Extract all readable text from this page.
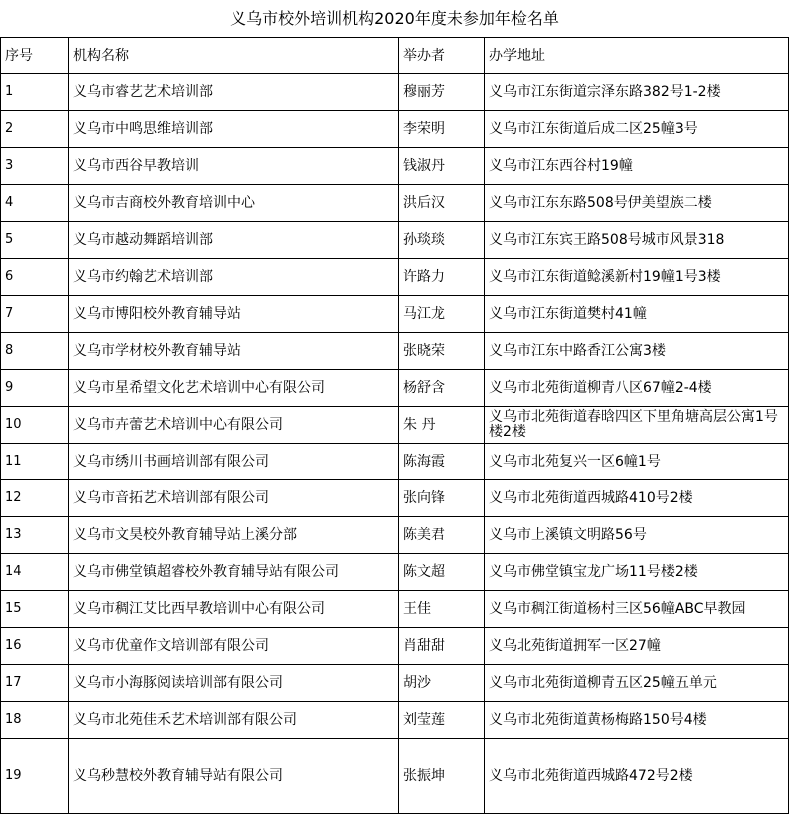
义乌市校外培训机构2020年度未参加年检名单
序号	机构名称	举办者	办学地址
1	义乌市睿艺艺术培训部	穆丽芳	义乌市江东街道宗泽东路382号1-2楼
2	义乌市中鸣思维培训部	李荣明	义乌市江东街道后成二区25幢3号
3	义乌市西谷早教培训	钱淑丹	义乌市江东西谷村19幢
4	义乌市吉商校外教育培训中心	洪后汉	义乌市江东东路508号伊美望族二楼
5	义乌市越动舞蹈培训部	孙琰琰	义乌市江东宾王路508号城市风景318
6	义乌市约翰艺术培训部	许路力	义乌市江东街道鲶溪新村19幢1号3楼
7	义乌市博阳校外教育辅导站	马江龙	义乌市江东街道樊村41幢
8	义乌市学材校外教育辅导站	张晓荣	义乌市江东中路香江公寓3楼
9	义乌市星希望文化艺术培训中心有限公司	杨舒含	义乌市北苑街道柳青八区67幢2-4楼
10	义乌市卉蕾艺术培训中心有限公司	朱 丹	义乌市北苑街道春晗四区下里角塘高层公寓1号楼2楼
11	义乌市绣川书画培训部有限公司	陈海霞	义乌市北苑复兴一区6幢1号
12	义乌市音拓艺术培训部有限公司	张向锋	义乌市北苑街道西城路410号2楼
13	义乌市文昊校外教育辅导站上溪分部	陈美君	义乌市上溪镇文明路56号
14	义乌市佛堂镇超睿校外教育辅导站有限公司	陈文超	义乌市佛堂镇宝龙广场11号楼2楼
15	义乌市稠江艾比西早教培训中心有限公司	王佳	义乌市稠江街道杨村三区56幢ABC早教园
16	义乌市优童作文培训部有限公司	肖甜甜	义乌北苑街道拥军一区27幢
17	义乌市小海豚阅读培训部有限公司	胡沙	义乌市北苑街道柳青五区25幢五单元
18	义乌市北苑佳禾艺术培训部有限公司	刘莹莲	义乌市北苑街道黄杨梅路150号4楼
19	义乌秒慧校外教育辅导站有限公司	张振坤	义乌市北苑街道西城路472号2楼
